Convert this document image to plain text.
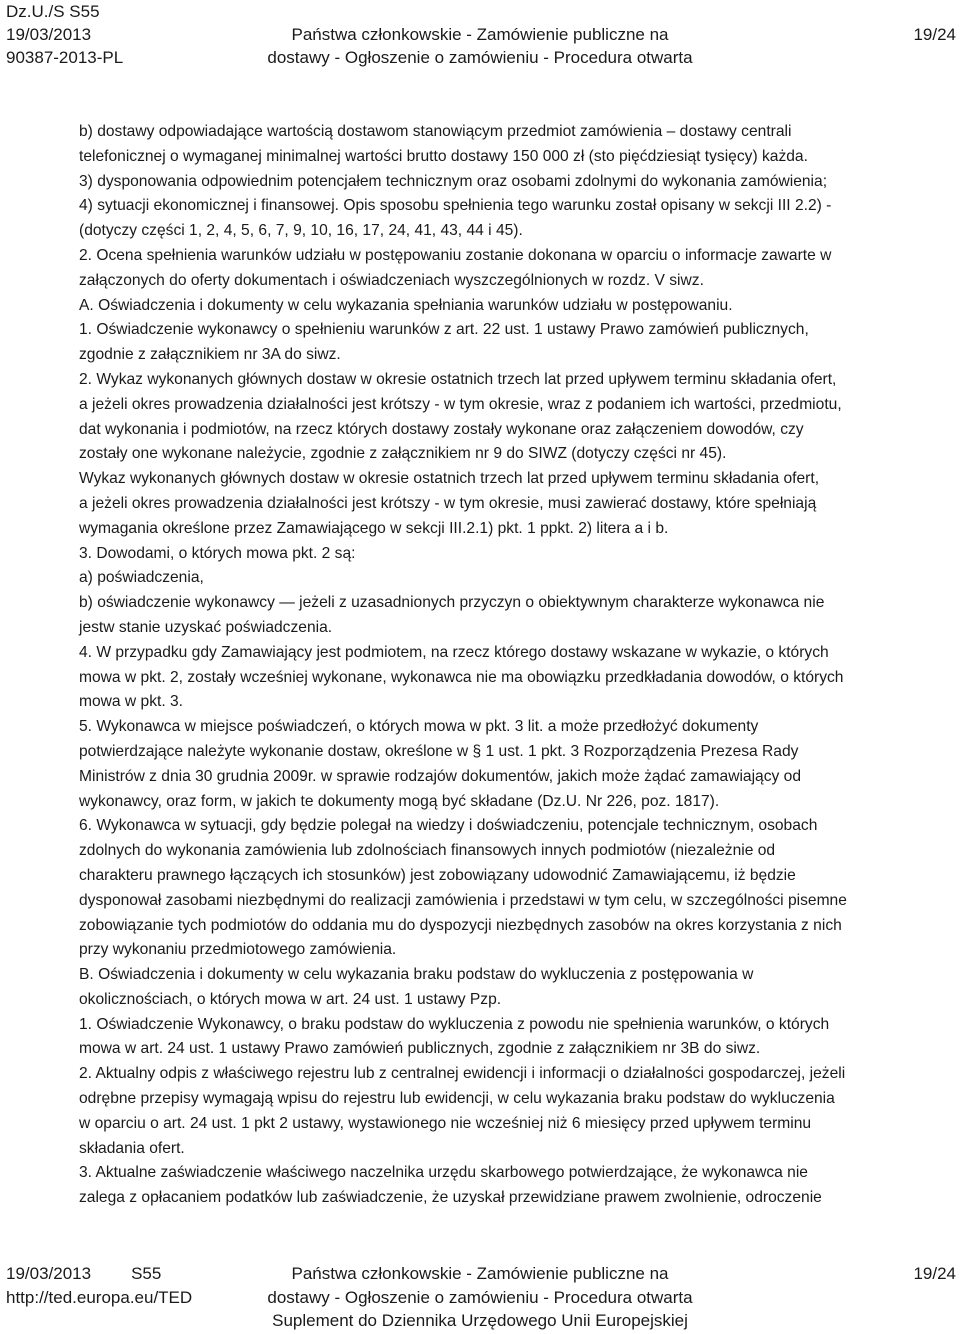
Dz.U./S S55
19/03/2013
90387-2013-PL
Państwa członkowskie - Zamówienie publiczne na
dostawy - Ogłoszenie o zamówieniu - Procedura otwarta
19/24

b) dostawy odpowiadające wartością dostawom stanowiącym przedmiot zamówienia – dostawy centrali

telefonicznej o wymaganej minimalnej wartości brutto dostawy 150 000 zł (sto pięćdziesiąt tysięcy) każda.

3) dysponowania odpowiednim potencjałem technicznym oraz osobami zdolnymi do wykonania zamówienia;

4) sytuacji ekonomicznej i finansowej. Opis sposobu spełnienia tego warunku został opisany w sekcji III 2.2) -

(dotyczy części 1, 2, 4, 5, 6, 7, 9, 10, 16, 17, 24, 41, 43, 44 i 45).

2. Ocena spełnienia warunków udziału w postępowaniu zostanie dokonana w oparciu o informacje zawarte w

załączonych do oferty dokumentach i oświadczeniach wyszczególnionych w rozdz. V siwz.

A. Oświadczenia i dokumenty w celu wykazania spełniania warunków udziału w postępowaniu.

1. Oświadczenie wykonawcy o spełnieniu warunków z art. 22 ust. 1 ustawy Prawo zamówień publicznych,

zgodnie z załącznikiem nr 3A do siwz.

2. Wykaz wykonanych głównych dostaw w okresie ostatnich trzech lat przed upływem terminu składania ofert,

a jeżeli okres prowadzenia działalności jest krótszy - w tym okresie, wraz z podaniem ich wartości, przedmiotu,

dat wykonania i podmiotów, na rzecz których dostawy zostały wykonane oraz załączeniem dowodów, czy

zostały one wykonane należycie, zgodnie z załącznikiem nr 9 do SIWZ (dotyczy części nr 45).

Wykaz wykonanych głównych dostaw w okresie ostatnich trzech lat przed upływem terminu składania ofert,

a jeżeli okres prowadzenia działalności jest krótszy - w tym okresie, musi zawierać dostawy, które spełniają

wymagania określone przez Zamawiającego w sekcji III.2.1) pkt. 1 ppkt. 2) litera a i b.

3. Dowodami, o których mowa pkt. 2 są:

a) poświadczenia,

b) oświadczenie wykonawcy — jeżeli z uzasadnionych przyczyn o obiektywnym charakterze wykonawca nie

jestw stanie uzyskać poświadczenia.

4. W przypadku gdy Zamawiający jest podmiotem, na rzecz którego dostawy wskazane w wykazie, o których

mowa w pkt. 2, zostały wcześniej wykonane, wykonawca nie ma obowiązku przedkładania dowodów, o których

mowa w pkt. 3.

5. Wykonawca w miejsce poświadczeń, o których mowa w pkt. 3 lit. a może przedłożyć dokumenty

potwierdzające należyte wykonanie dostaw, określone w § 1 ust. 1 pkt. 3 Rozporządzenia Prezesa Rady

Ministrów z dnia 30 grudnia 2009r. w sprawie rodzajów dokumentów, jakich może żądać zamawiający od

wykonawcy, oraz form, w jakich te dokumenty mogą być składane (Dz.U. Nr 226, poz. 1817).

6. Wykonawca w sytuacji, gdy będzie polegał na wiedzy i doświadczeniu, potencjale technicznym, osobach

zdolnych do wykonania zamówienia lub zdolnościach finansowych innych podmiotów (niezależnie od

charakteru prawnego łączących ich stosunków) jest zobowiązany udowodnić Zamawiającemu, iż będzie

dysponował zasobami niezbędnymi do realizacji zamówienia i przedstawi w tym celu, w szczególności pisemne

zobowiązanie tych podmiotów do oddania mu do dyspozycji niezbędnych zasobów na okres korzystania z nich

przy wykonaniu przedmiotowego zamówienia.

B. Oświadczenia i dokumenty w celu wykazania braku podstaw do wykluczenia z postępowania w

okolicznościach, o których mowa w art. 24 ust. 1 ustawy Pzp.

1. Oświadczenie Wykonawcy, o braku podstaw do wykluczenia z powodu nie spełnienia warunków, o których

mowa w art. 24 ust. 1 ustawy Prawo zamówień publicznych, zgodnie z załącznikiem nr 3B do siwz.

2. Aktualny odpis z właściwego rejestru lub z centralnej ewidencji i informacji o działalności gospodarczej, jeżeli

odrębne przepisy wymagają wpisu do rejestru lub ewidencji, w celu wykazania braku podstaw do wykluczenia

w oparciu o art. 24 ust. 1 pkt 2 ustawy, wystawionego nie wcześniej niż 6 miesięcy przed upływem terminu

składania ofert.

3. Aktualne zaświadczenie właściwego naczelnika urzędu skarbowego potwierdzające, że wykonawca nie

zalega z opłacaniem podatków lub zaświadczenie, że uzyskał przewidziane prawem zwolnienie, odroczenie

19/03/2013 S55
http://ted.europa.eu/TED
Państwa członkowskie - Zamówienie publiczne na
dostawy - Ogłoszenie o zamówieniu - Procedura otwarta
Suplement do Dziennika Urzędowego Unii Europejskiej
19/24
